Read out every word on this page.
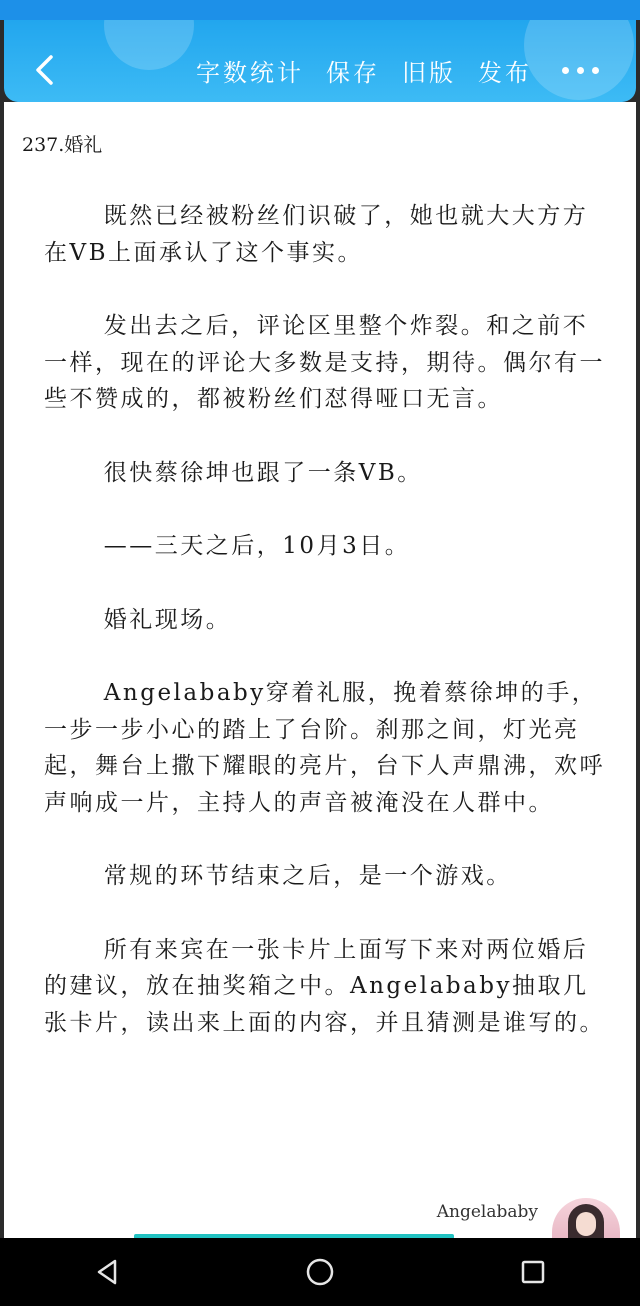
字数统计 保存 旧版 发布
237.婚礼

既然已经被粉丝们识破了，她也就大大方方在VB上面承认了这个事实。

发出去之后，评论区里整个炸裂。和之前不一样，现在的评论大多数是支持，期待。偶尔有一些不赞成的，都被粉丝们怼得哑口无言。

很快蔡徐坤也跟了一条VB。

——三天之后，10月3日。

婚礼现场。

Angelababy穿着礼服，挽着蔡徐坤的手，一步一步小心的踏上了台阶。刹那之间，灯光亮起，舞台上撒下耀眼的亮片，台下人声鼎沸，欢呼声响成一片，主持人的声音被淹没在人群中。

常规的环节结束之后，是一个游戏。

所有来宾在一张卡片上面写下来对两位婚后的建议，放在抽奖箱之中。Angelababy抽取几张卡片，读出来上面的内容，并且猜测是谁写的。

Angelababy
